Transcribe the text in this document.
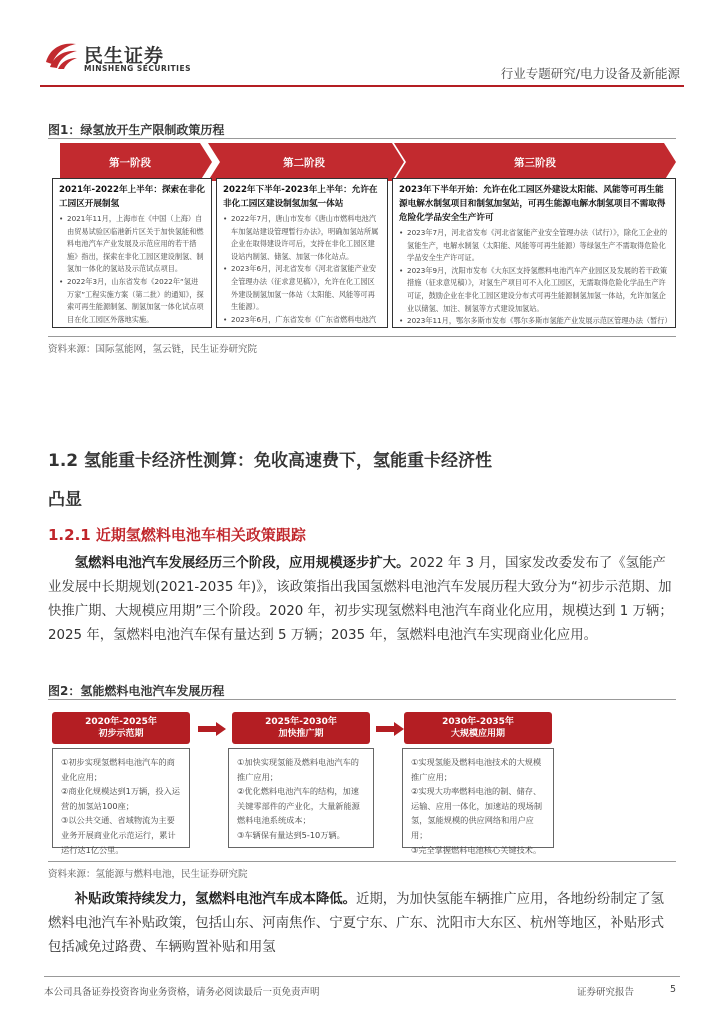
民生证券
MINSHENG SECURITIES	行业专题研究/电力设备及新能源
图1：绿氢放开生产限制政策历程
第一阶段	第二阶段	第三阶段
2021年-2022年上半年：探索在非化工园区开展制氢
• 2021年11月，上海市在《中国（上海）自由贸易试验区临港新片区关于加快氢能和燃料电池汽车产业发展及示范应用的若干措施》指出，探索在非化工园区建设制氢、制氢加一体化的氢站及示范试点项目。
• 2022年3月，山东省发布《2022年“氢进万家”工程实施方案（第二批）的通知》，探索可再生能源制氢、制氢加氢一体化试点项目在化工园区外落地实施。
•
2022年下半年-2023年上半年：允许在非化工园区建设制氢加氢一体站
• 2022年7月，唐山市发布《唐山市燃料电池汽车加氢站建设管理暂行办法》，明确加氢站所属企业在取得建设许可后，支持在非化工园区建设站内制氢、储氢、加氢一体化站点。
• 2023年6月，河北省发布《河北省氢能产业安全管理办法（征求意见稿）》，允许在化工园区外建设制氢加氢一体站（太阳能、风能等可再生能源）。
• 2023年6月，广东省发布《广东省燃料电池汽
2023年下半年开始：允许在化工园区外建设太阳能、风能等可再生能源电解水制氢项目和制氢加氢站，可再生能源电解水制氢项目不需取得危险化学品安全生产许可
• 2023年7月，河北省发布《河北省氢能产业安全管理办法（试行）》，除化工企业的氢能生产，电解水制氢（太阳能、风能等可再生能源）等绿氢生产不需取得危险化学品安全生产许可证。
• 2023年9月，沈阳市发布《大东区支持氢燃料电池汽车产业园区及发展的若干政策措施（征求意见稿）》，对氢生产项目可不入化工园区，无需取得危险化学品生产许可证，鼓励企业在非化工园区建设分布式可再生能源制氢加氢一体站，允许加氢企业以储氢、加注、制氢等方式建设加氢站。
• 2023年11月，鄂尔多斯市发布《鄂尔多斯市氢能产业发展示范区管理办法（暂行）
资料来源：国际氢能网，氢云链，民生证券研究院
1.2 氢能重卡经济性测算：免收高速费下，氢能重卡经济性
凸显
1.2.1 近期氢燃料电池车相关政策跟踪
氢燃料电池汽车发展经历三个阶段，应用规模逐步扩大。2022 年 3 月，国家发改委发布了《氢能产业发展中长期规划(2021-2035 年)》，该政策指出我国氢燃料电池汽车发展历程大致分为“初步示范期、加快推广期、大规模应用期”三个阶段。2020 年，初步实现氢燃料电池汽车商业化应用，规模达到 1 万辆；2025 年，氢燃料电池汽车保有量达到 5 万辆；2035 年，氢燃料电池汽车实现商业化应用。
图2：氢能燃料电池汽车发展历程
2020年-2025年
初步示范期
2025年-2030年
加快推广期
2030年-2035年
大规模应用期
①初步实现氢燃料电池汽车的商业化应用；
②商业化规模达到1万辆，投入运营的加氢站100座；
③以公共交通、省域物流为主要业务开展商业化示范运行，累计运行达1亿公里。
①加快实现氢能及燃料电池汽车的推广应用；
②优化燃料电池汽车的结构，加速关键零部件的产业化，大量新能源燃料电池系统成本；
③车辆保有量达到5-10万辆。
①实现氢能及燃料电池技术的大规模推广应用；
②实现大功率燃料电池的制、储存、运输、应用一体化，加速站的现场制氢，氢能规模的供应网络和用户应用；
③完全掌握燃料电池核心关键技术。
资料来源：氢能源与燃料电池，民生证券研究院
补贴政策持续发力，氢燃料电池汽车成本降低。近期，为加快氢能车辆推广应用，各地纷纷制定了氢燃料电池汽车补贴政策，包括山东、河南焦作、宁夏宁东、广东、沈阳市大东区、杭州等地区，补贴形式包括减免过路费、车辆购置补贴和用氢
本公司具备证券投资咨询业务资格，请务必阅读最后一页免责声明	证券研究报告	5
